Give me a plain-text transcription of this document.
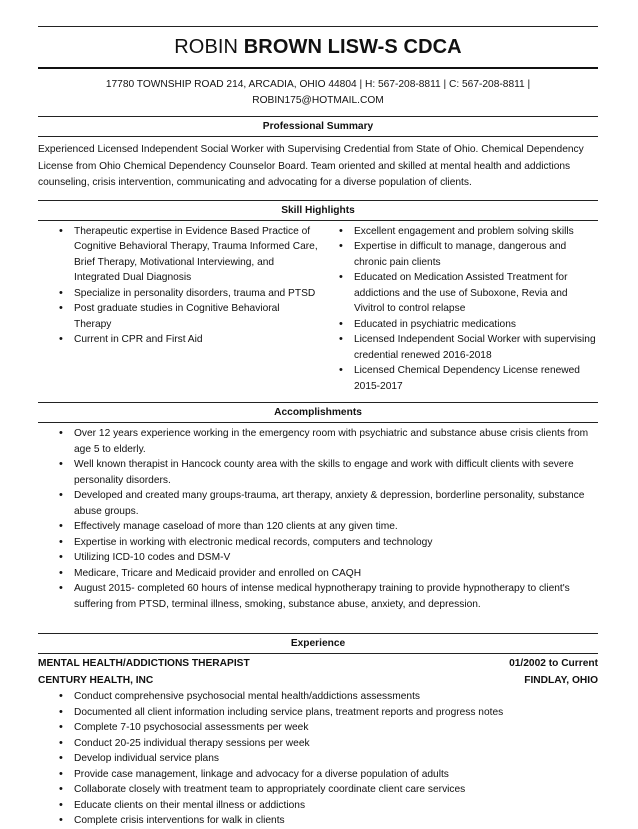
ROBIN BROWN LISW-S CDCA
17780 TOWNSHIP ROAD 214, ARCADIA, OHIO 44804 | H: 567-208-8811 | C: 567-208-8811 |
ROBIN175@HOTMAIL.COM
Professional Summary
Experienced Licensed Independent Social Worker with Supervising Credential from State of Ohio. Chemical Dependency License from Ohio Chemical Dependency Counselor Board. Team oriented and skilled at mental health and addictions counseling, crisis intervention, communicating and advocating for a diverse population of clients.
Skill Highlights
• Therapeutic expertise in Evidence Based Practice of Cognitive Behavioral Therapy, Trauma Informed Care, Brief Therapy, Motivational Interviewing, and Integrated Dual Diagnosis
• Specialize in personality disorders, trauma and PTSD
• Post graduate studies in Cognitive Behavioral Therapy
• Current in CPR and First Aid
• Excellent engagement and problem solving skills
• Expertise in difficult to manage, dangerous and chronic pain clients
• Educated on Medication Assisted Treatment for addictions and the use of Suboxone, Revia and Vivitrol to control relapse
• Educated in psychiatric medications
• Licensed Independent Social Worker with supervising credential renewed 2016-2018
• Licensed Chemical Dependency License renewed 2015-2017
Accomplishments
• Over 12 years experience working in the emergency room with psychiatric and substance abuse crisis clients from age 5 to elderly.
• Well known therapist in Hancock county area with the skills to engage and work with difficult clients with severe personality disorders.
• Developed and created many groups-trauma, art therapy, anxiety & depression, borderline personality, substance abuse groups.
• Effectively manage caseload of more than 120 clients at any given time.
• Expertise in working with electronic medical records, computers and technology
• Utilizing ICD-10 codes and DSM-V
• Medicare, Tricare and Medicaid provider and enrolled on CAQH
• August 2015- completed 60 hours of intense medical hypnotherapy training to provide hypnotherapy to client's suffering from PTSD, terminal illness, smoking, substance abuse, anxiety, and depression.
Experience
MENTAL HEALTH/ADDICTIONS THERAPIST	01/2002 to Current
CENTURY HEALTH, INC	FINDLAY, OHIO
• Conduct comprehensive psychosocial mental health/addictions assessments
• Documented all client information including service plans, treatment reports and progress notes
• Complete 7-10 psychosocial assessments per week
• Conduct 20-25 individual therapy sessions per week
• Develop individual service plans
• Provide case management, linkage and advocacy for a diverse population of adults
• Collaborate closely with treatment team to appropriately coordinate client care services
• Educate clients on their mental illness or addictions
• Complete crisis interventions for walk in clients
